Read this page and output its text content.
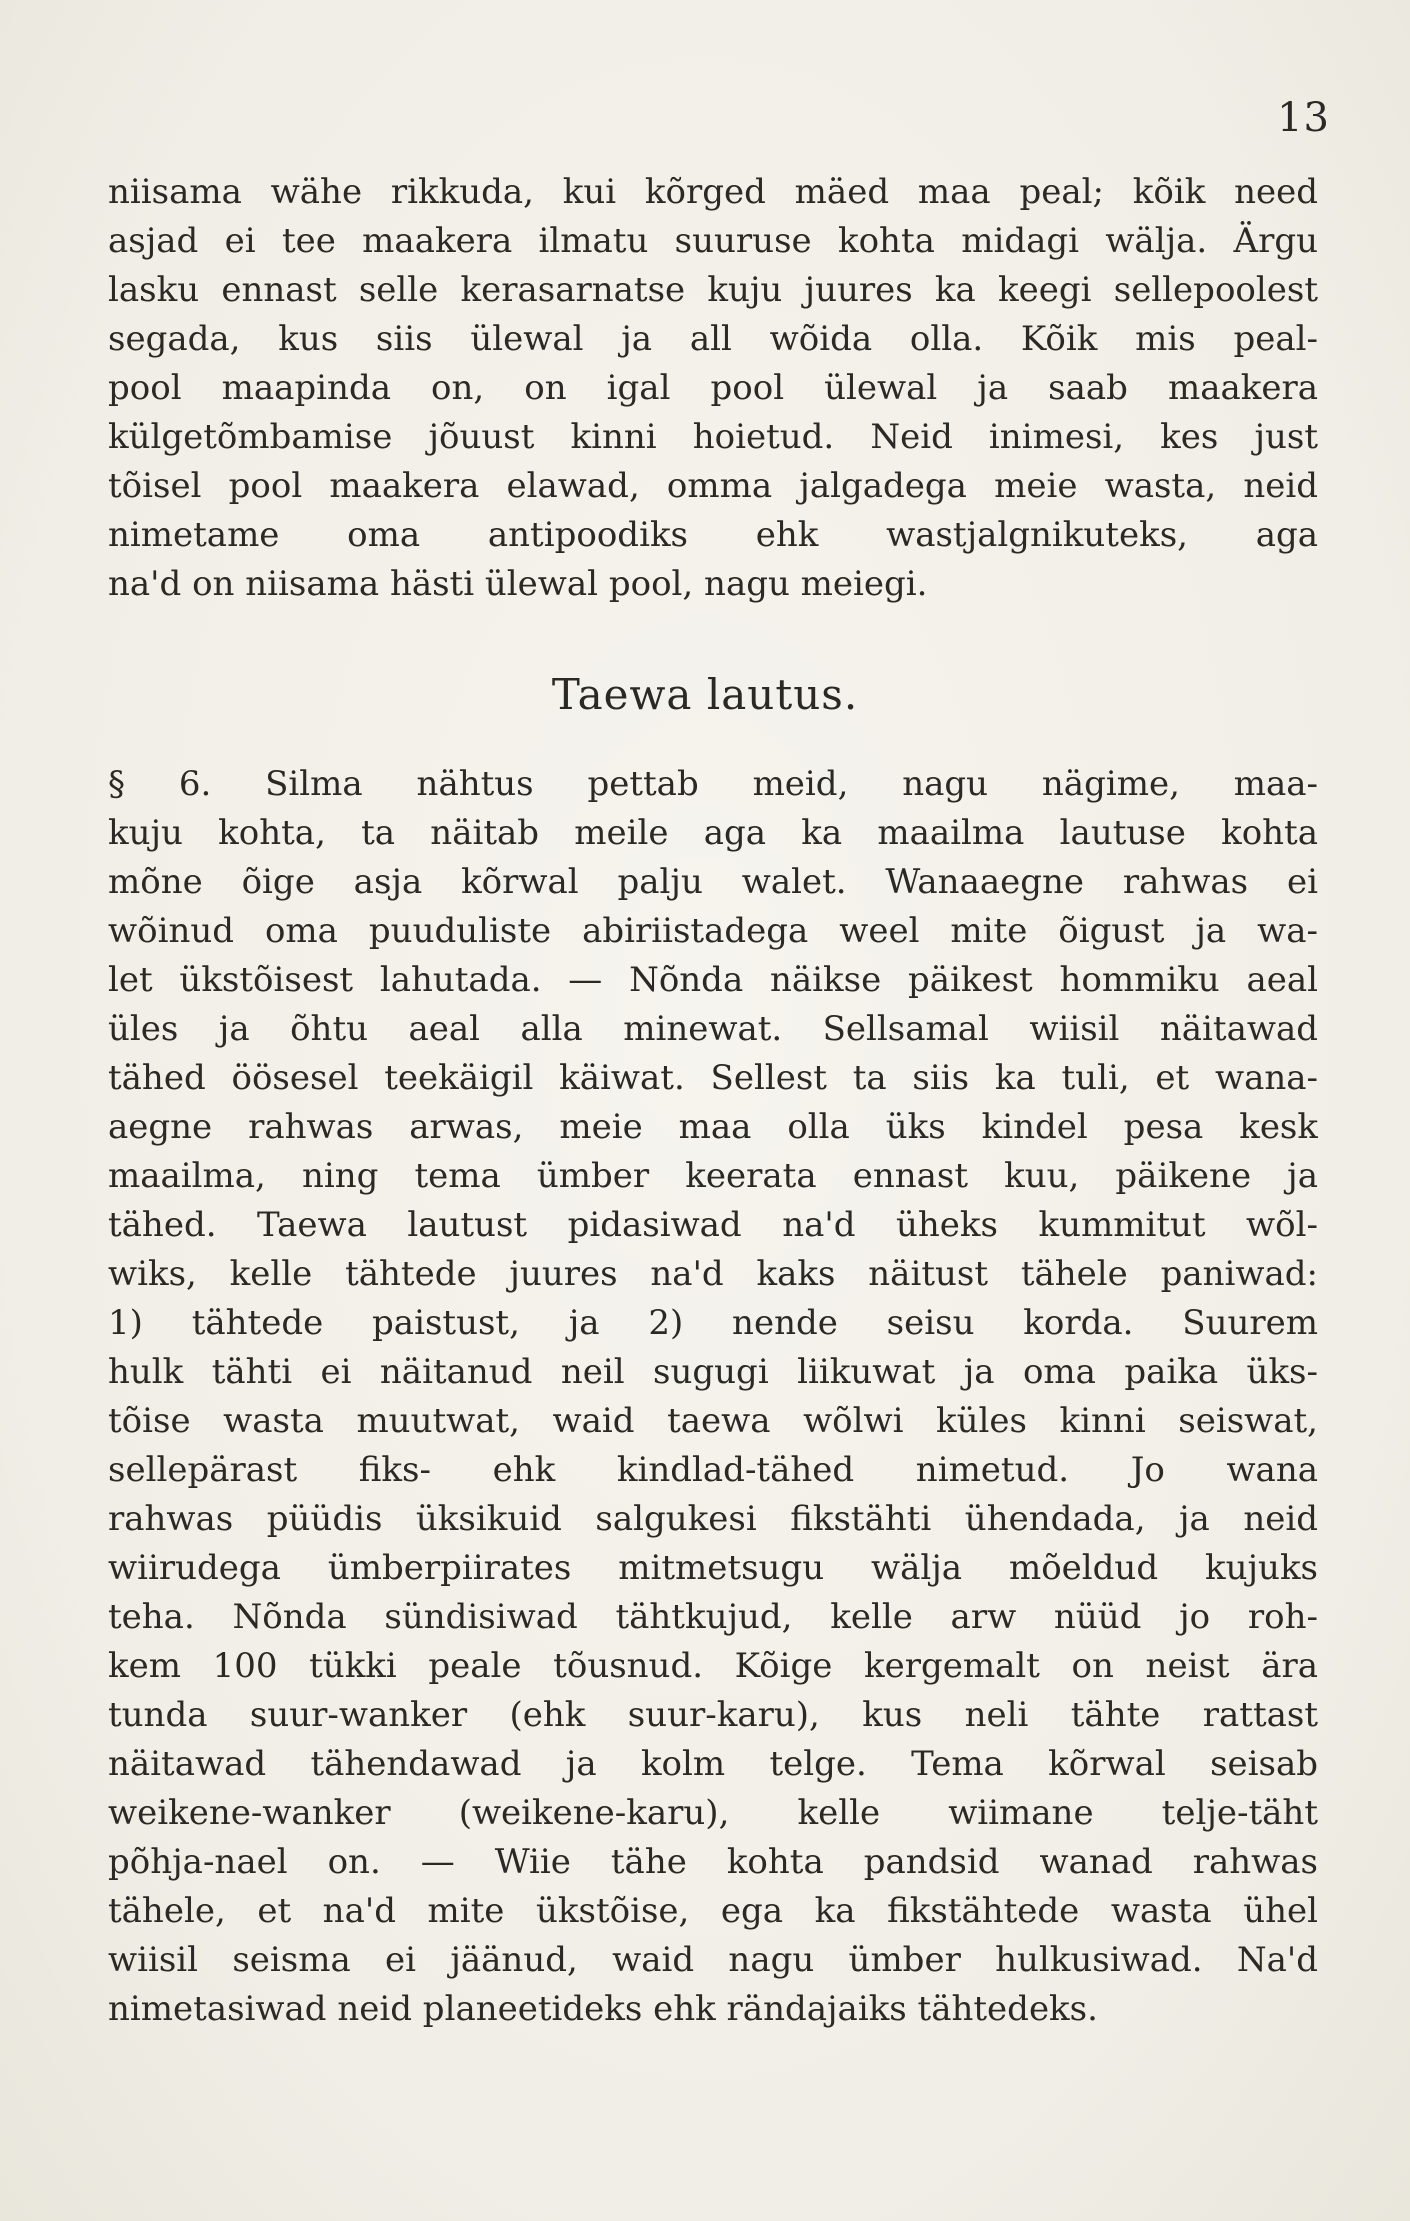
13
niisama wähe rikkuda, kui kõrged mäed maa peal; kõik need
asjad ei tee maakera ilmatu suuruse kohta midagi wälja. Ärgu
lasku ennast selle kerasarnatse kuju juures ka keegi sellepoolest
segada, kus siis ülewal ja all wõida olla. Kõik mis peal-
pool maapinda on, on igal pool ülewal ja saab maakera
külgetõmbamise jõuust kinni hoietud. Neid inimesi, kes just
tõisel pool maakera elawad, omma jalgadega meie wasta, neid
nimetame oma antipoodiks ehk wastjalgnikuteks, aga
na'd on niisama hästi ülewal pool, nagu meiegi.
Taewa lautus.
§ 6. Silma nähtus pettab meid, nagu nägime, maa-
kuju kohta, ta näitab meile aga ka maailma lautuse kohta
mõne õige asja kõrwal palju walet. Wanaaegne rahwas ei
wõinud oma puuduliste abiriistadega weel mite õigust ja wa-
let ükstõisest lahutada. — Nõnda näikse päikest hommiku aeal
üles ja õhtu aeal alla minewat. Sellsamal wiisil näitawad
tähed öösesel teekäigil käiwat. Sellest ta siis ka tuli, et wana-
aegne rahwas arwas, meie maa olla üks kindel pesa kesk
maailma, ning tema ümber keerata ennast kuu, päikene ja
tähed. Taewa lautust pidasiwad na'd üheks kummitut wõl-
wiks, kelle tähtede juures na'd kaks näitust tähele paniwad:
1) tähtede paistust, ja 2) nende seisu korda. Suurem
hulk tähti ei näitanud neil sugugi liikuwat ja oma paika üks-
tõise wasta muutwat, waid taewa wõlwi küles kinni seiswat,
sellepärast fiks- ehk kindlad-tähed nimetud. Jo wana
rahwas püüdis üksikuid salgukesi fikstähti ühendada, ja neid
wiirudega ümberpiirates mitmetsugu wälja mõeldud kujuks
teha. Nõnda sündisiwad tähtkujud, kelle arw nüüd jo roh-
kem 100 tükki peale tõusnud. Kõige kergemalt on neist ära
tunda suur-wanker (ehk suur-karu), kus neli tähte rattast
näitawad tähendawad ja kolm telge. Tema kõrwal seisab
weikene-wanker (weikene-karu), kelle wiimane telje-täht
põhja-nael on. — Wiie tähe kohta pandsid wanad rahwas
tähele, et na'd mite ükstõise, ega ka fikstähtede wasta ühel
wiisil seisma ei jäänud, waid nagu ümber hulkusiwad. Na'd
nimetasiwad neid planeetideks ehk rändajaiks tähtedeks.
